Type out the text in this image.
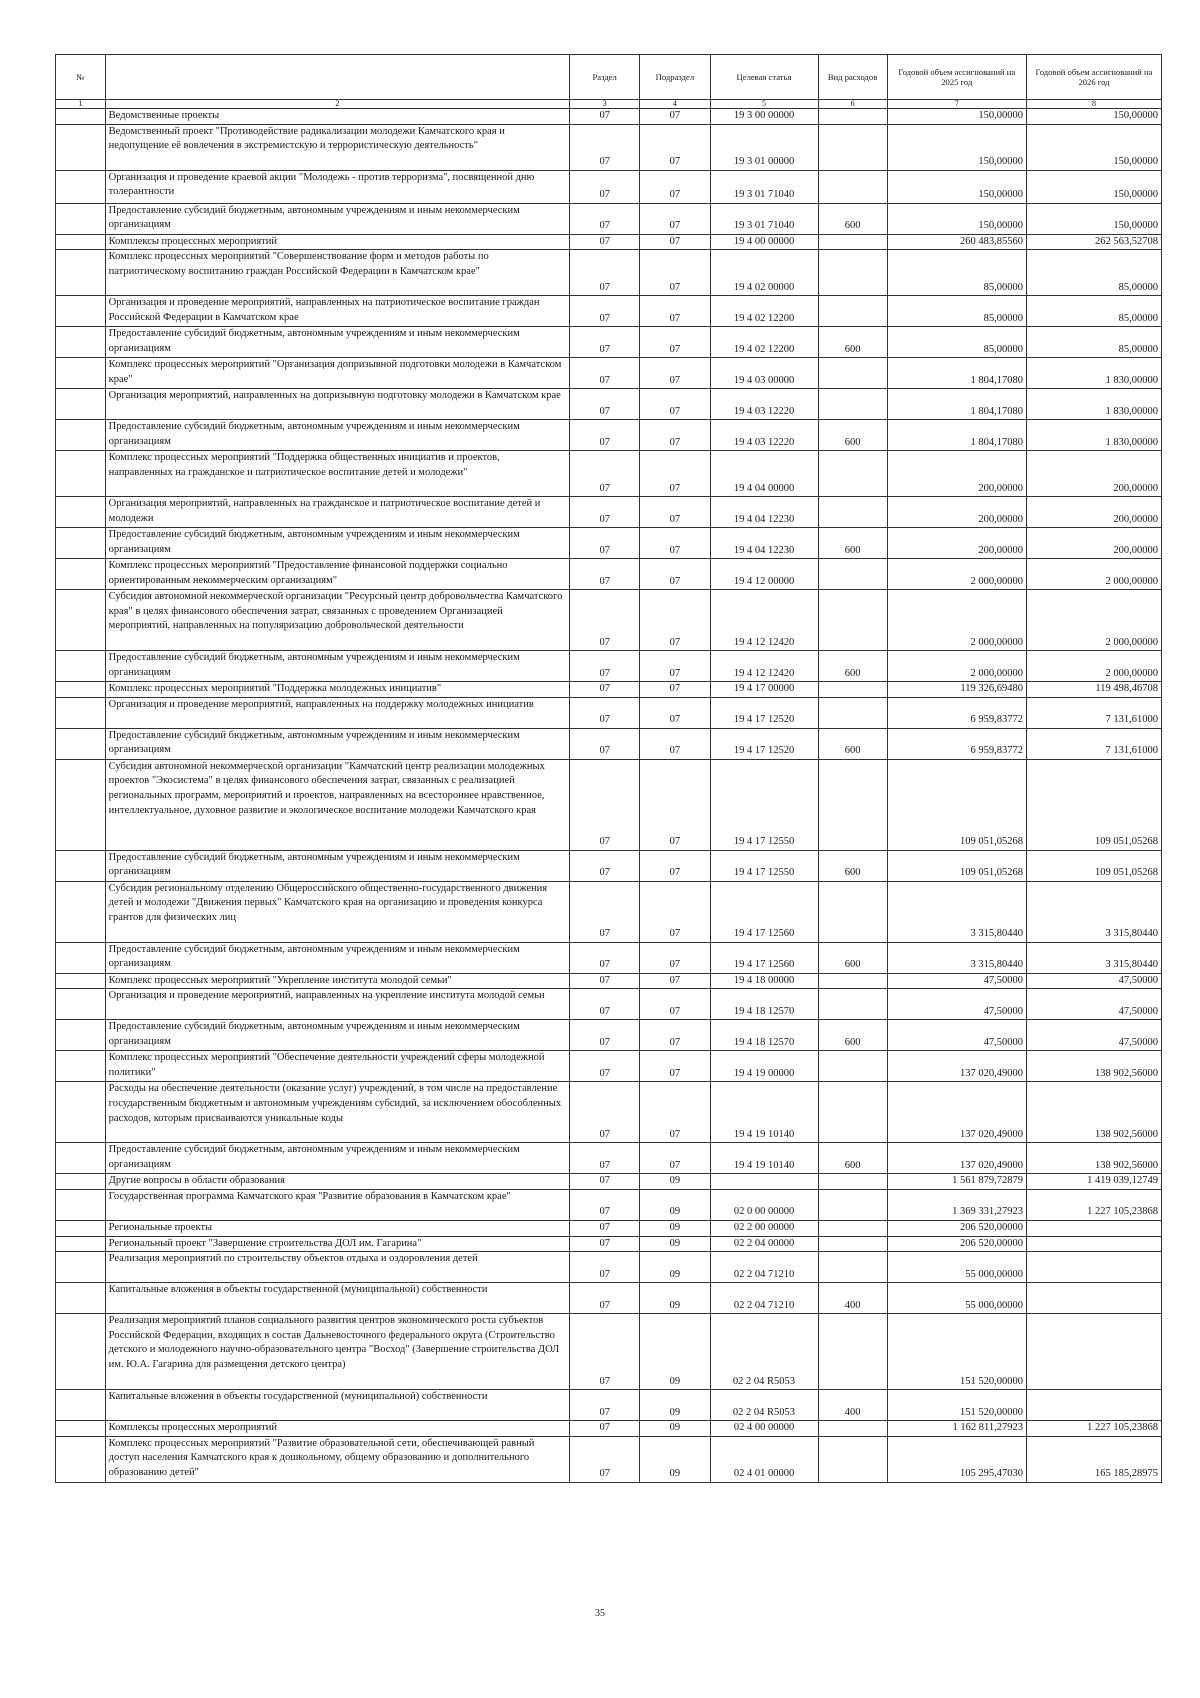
№		Раздел	Подраздел	Целевая статья	Вид расходов	Годовой объем ассигнований на 2025 год	Годовой объем ассигнований на 2026 год
1	2	3	4	5	6	7	8
	Ведомственные проекты	07	07	19 3 00 00000		150,00000	150,00000
	Ведомственный проект "Противодействие радикализации молодежи Камчатского края и недопущение её вовлечения в экстремистскую и террористическую деятельность"	07	07	19 3 01 00000		150,00000	150,00000
	Организация и проведение краевой акции "Молодежь - против терроризма", посвященной дню толерантности	07	07	19 3 01 71040		150,00000	150,00000
	Предоставление субсидий бюджетным, автономным учреждениям и иным некоммерческим организациям	07	07	19 3 01 71040	600	150,00000	150,00000
	Комплексы процессных мероприятий	07	07	19 4 00 00000		260 483,85560	262 563,52708
	Комплекс процессных мероприятий "Совершенствование форм и методов работы по патриотическому воспитанию граждан Российской Федерации в Камчатском крае"	07	07	19 4 02 00000		85,00000	85,00000
	Организация и проведение мероприятий, направленных на патриотическое воспитание граждан Российской Федерации в Камчатском крае	07	07	19 4 02 12200		85,00000	85,00000
	Предоставление субсидий бюджетным, автономным учреждениям и иным некоммерческим организациям	07	07	19 4 02 12200	600	85,00000	85,00000
	Комплекс процессных мероприятий "Организация допризывной подготовки молодежи в Камчатском крае"	07	07	19 4 03 00000		1 804,17080	1 830,00000
	Организация мероприятий, направленных на допризывную подготовку молодежи в Камчатском крае	07	07	19 4 03 12220		1 804,17080	1 830,00000
	Предоставление субсидий бюджетным, автономным учреждениям и иным некоммерческим организациям	07	07	19 4 03 12220	600	1 804,17080	1 830,00000
	Комплекс процессных мероприятий "Поддержка общественных инициатив и проектов, направленных на гражданское и патриотическое воспитание детей и молодежи"	07	07	19 4 04 00000		200,00000	200,00000
	Организация мероприятий, направленных на гражданское и патриотическое воспитание детей и молодежи	07	07	19 4 04 12230		200,00000	200,00000
	Предоставление субсидий бюджетным, автономным учреждениям и иным некоммерческим организациям	07	07	19 4 04 12230	600	200,00000	200,00000
	Комплекс процессных мероприятий "Предоставление финансовой поддержки социально ориентированным некоммерческим организациям"	07	07	19 4 12 00000		2 000,00000	2 000,00000
	Субсидия автономной некоммерческой организации "Ресурсный центр добровольчества Камчатского края" в целях финансового обеспечения затрат, связанных с проведением Организацией мероприятий, направленных на популяризацию добровольческой деятельности	07	07	19 4 12 12420		2 000,00000	2 000,00000
	Предоставление субсидий бюджетным, автономным учреждениям и иным некоммерческим организациям	07	07	19 4 12 12420	600	2 000,00000	2 000,00000
	Комплекс процессных мероприятий "Поддержка молодежных инициатив"	07	07	19 4 17 00000		119 326,69480	119 498,46708
	Организация и проведение мероприятий, направленных на поддержку молодежных инициатив	07	07	19 4 17 12520		6 959,83772	7 131,61000
	Предоставление субсидий бюджетным, автономным учреждениям и иным некоммерческим организациям	07	07	19 4 17 12520	600	6 959,83772	7 131,61000
	Субсидия автономной некоммерческой организации "Камчатский центр реализации молодежных проектов "Экосистема" в целях финансового обеспечения затрат, связанных с реализацией региональных программ, мероприятий и проектов, направленных на всестороннее нравственное, интеллектуальное, духовное развитие и экологическое воспитание молодежи Камчатского края	07	07	19 4 17 12550		109 051,05268	109 051,05268
	Предоставление субсидий бюджетным, автономным учреждениям и иным некоммерческим организациям	07	07	19 4 17 12550	600	109 051,05268	109 051,05268
	Субсидия региональному отделению Общероссийского общественно-государственного движения детей и молодежи "Движения первых" Камчатского края на организацию и проведения конкурса грантов для физических лиц	07	07	19 4 17 12560		3 315,80440	3 315,80440
	Предоставление субсидий бюджетным, автономным учреждениям и иным некоммерческим организациям	07	07	19 4 17 12560	600	3 315,80440	3 315,80440
	Комплекс процессных мероприятий "Укрепление института молодой семьи"	07	07	19 4 18 00000		47,50000	47,50000
	Организация и проведение мероприятий, направленных на укрепление института молодой семьи	07	07	19 4 18 12570		47,50000	47,50000
	Предоставление субсидий бюджетным, автономным учреждениям и иным некоммерческим организациям	07	07	19 4 18 12570	600	47,50000	47,50000
	Комплекс процессных мероприятий "Обеспечение деятельности учреждений сферы молодежной политики"	07	07	19 4 19 00000		137 020,49000	138 902,56000
	Расходы на обеспечение деятельности (оказание услуг) учреждений, в том числе на предоставление государственным бюджетным и автономным учреждениям субсидий, за исключением обособленных расходов, которым присваиваются уникальные коды	07	07	19 4 19 10140		137 020,49000	138 902,56000
	Предоставление субсидий бюджетным, автономным учреждениям и иным некоммерческим организациям	07	07	19 4 19 10140	600	137 020,49000	138 902,56000
	Другие вопросы в области образования	07	09			1 561 879,72879	1 419 039,12749
	Государственная программа Камчатского края "Развитие образования в Камчатском крае"	07	09	02 0 00 00000		1 369 331,27923	1 227 105,23868
	Региональные проекты	07	09	02 2 00 00000		206 520,00000	
	Региональный проект "Завершение строительства ДОЛ им. Гагарина"	07	09	02 2 04 00000		206 520,00000	
	Реализация мероприятий по строительству объектов отдыха и оздоровления детей	07	09	02 2 04 71210		55 000,00000	
	Капитальные вложения в объекты государственной (муниципальной) собственности	07	09	02 2 04 71210	400	55 000,00000	
	Реализация мероприятий планов социального развития центров экономического роста субъектов Российской Федерации, входящих в состав Дальневосточного федерального округа (Строительство детского и молодежного научно-образовательного центра "Восход" (Завершение строительства ДОЛ им. Ю.А. Гагарина для размещения детского центра)	07	09	02 2 04 R5053		151 520,00000	
	Капитальные вложения в объекты государственной (муниципальной) собственности	07	09	02 2 04 R5053	400	151 520,00000	
	Комплексы процессных мероприятий	07	09	02 4 00 00000		1 162 811,27923	1 227 105,23868
	Комплекс процессных мероприятий "Развитие образовательной сети, обеспечивающей равный доступ населения Камчатского края к дошкольному, общему образованию и дополнительного образованию детей"	07	09	02 4 01 00000		105 295,47030	165 185,28975
35
